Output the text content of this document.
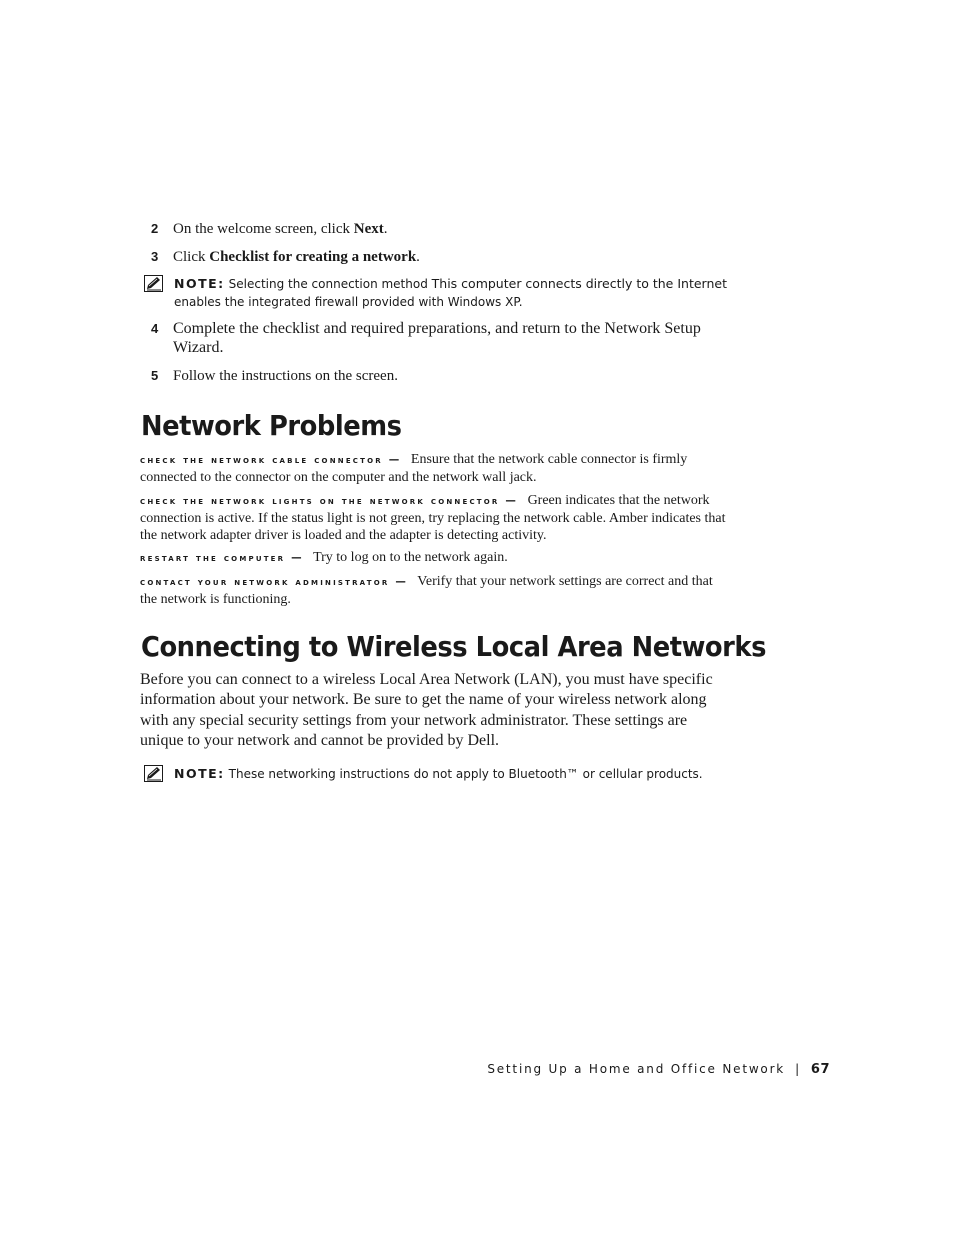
2 On the welcome screen, click Next.
3 Click Checklist for creating a network.
NOTE: Selecting the connection method This computer connects directly to the Internet enables the integrated firewall provided with Windows XP.
4 Complete the checklist and required preparations, and return to the Network Setup Wizard.
5 Follow the instructions on the screen.
Network Problems
check the network cable connector — Ensure that the network cable connector is firmly connected to the connector on the computer and the network wall jack.
check the network lights on the network connector — Green indicates that the network connection is active. If the status light is not green, try replacing the network cable. Amber indicates that the network adapter driver is loaded and the adapter is detecting activity.
restart the computer — Try to log on to the network again.
contact your network administrator — Verify that your network settings are correct and that the network is functioning.
Connecting to Wireless Local Area Networks
Before you can connect to a wireless Local Area Network (LAN), you must have specific information about your network. Be sure to get the name of your wireless network along with any special security settings from your network administrator. These settings are unique to your network and cannot be provided by Dell.
NOTE: These networking instructions do not apply to Bluetooth™ or cellular products.
Setting Up a Home and Office Network | 67
